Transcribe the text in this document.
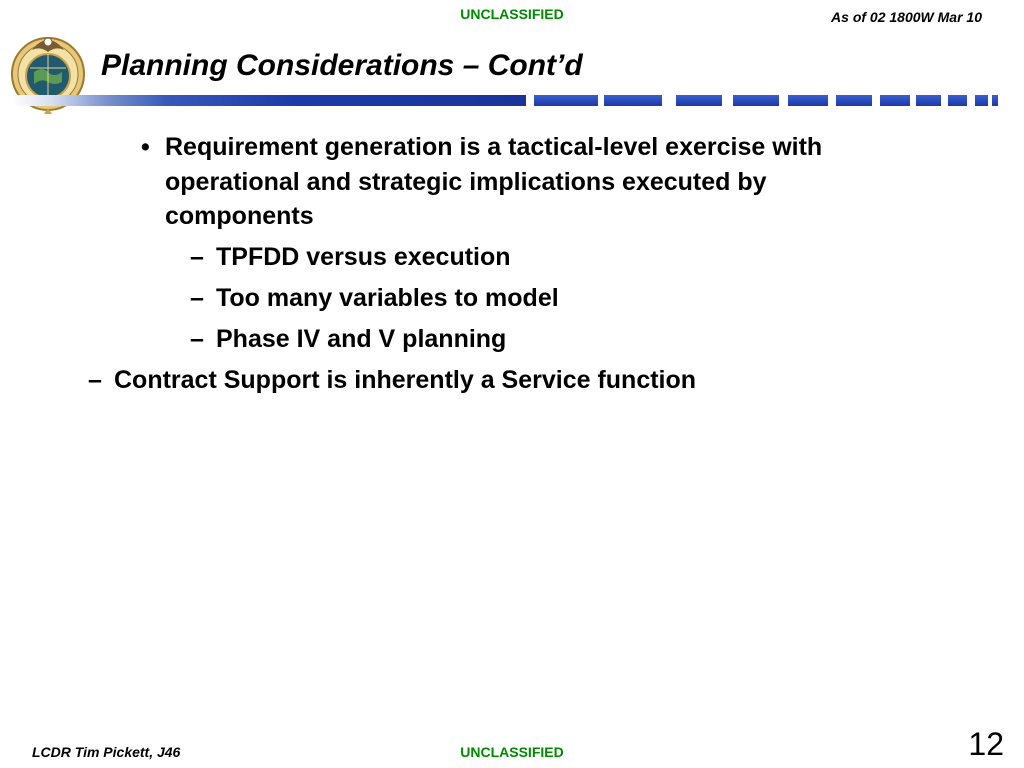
UNCLASSIFIED	As of 02 1800W Mar 10
Planning Considerations – Cont’d
• Requirement generation is a tactical-level exercise with
operational and strategic implications executed by
components
– TPFDD versus execution
– Too many variables to model
– Phase IV and V planning
– Contract Support is inherently a Service function
LCDR Tim Pickett, J46	UNCLASSIFIED	12
